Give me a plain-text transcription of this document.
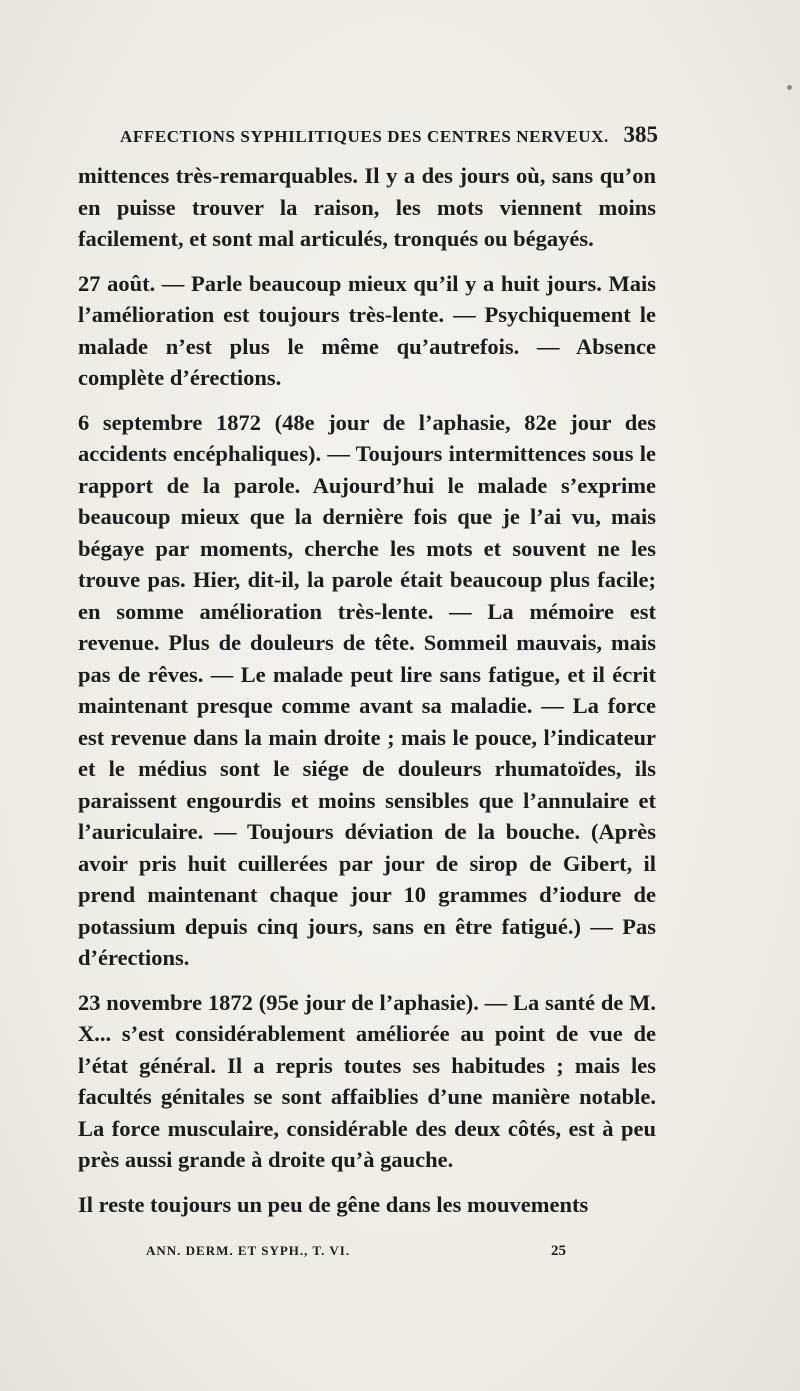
AFFECTIONS SYPHILITIQUES DES CENTRES NERVEUX. 385

mittences très-remarquables. Il y a des jours où, sans qu’on en puisse trouver la raison, les mots viennent moins facilement, et sont mal articulés, tronqués ou bégayés.

27 août. — Parle beaucoup mieux qu’il y a huit jours. Mais l’amélioration est toujours très-lente. — Psychiquement le malade n’est plus le même qu’autrefois. — Absence complète d’érections.

6 septembre 1872 (48e jour de l’aphasie, 82e jour des accidents encéphaliques). — Toujours intermittences sous le rapport de la parole. Aujourd’hui le malade s’exprime beaucoup mieux que la dernière fois que je l’ai vu, mais bégaye par moments, cherche les mots et souvent ne les trouve pas. Hier, dit-il, la parole était beaucoup plus facile; en somme amélioration très-lente. — La mémoire est revenue. Plus de douleurs de tête. Sommeil mauvais, mais pas de rêves. — Le malade peut lire sans fatigue, et il écrit maintenant presque comme avant sa maladie. — La force est revenue dans la main droite ; mais le pouce, l’indicateur et le médius sont le siége de douleurs rhumatoïdes, ils paraissent engourdis et moins sensibles que l’annulaire et l’auriculaire. — Toujours déviation de la bouche. (Après avoir pris huit cuillerées par jour de sirop de Gibert, il prend maintenant chaque jour 10 grammes d’iodure de potassium depuis cinq jours, sans en être fatigué.) — Pas d’érections.

23 novembre 1872 (95e jour de l’aphasie). — La santé de M. X... s’est considérablement améliorée au point de vue de l’état général. Il a repris toutes ses habitudes ; mais les facultés génitales se sont affaiblies d’une manière notable. La force musculaire, considérable des deux côtés, est à peu près aussi grande à droite qu’à gauche.

Il reste toujours un peu de gêne dans les mouvements

ANN. DERM. ET SYPH., T. VI.	25
